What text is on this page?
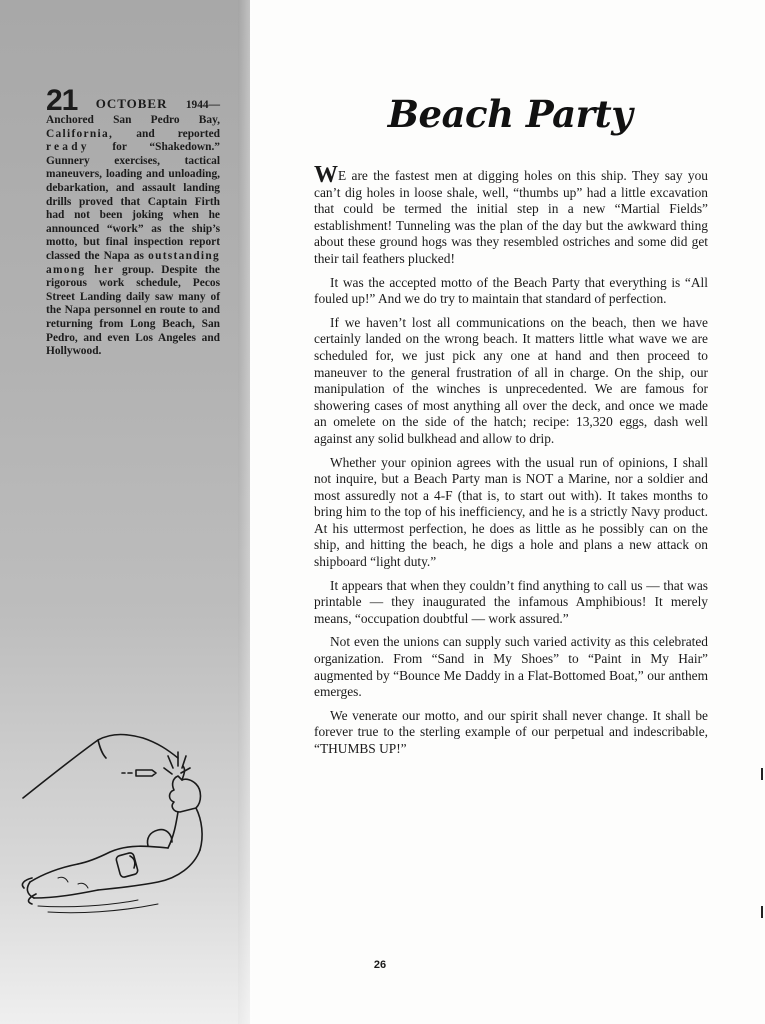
21 OCTOBER 1944— Anchored San Pedro Bay, California, and reported ready for “Shakedown.” Gunnery exercises, tactical maneuvers, loading and unloading, debarkation, and assault landing drills proved that Captain Firth had not been joking when he announced “work” as the ship’s motto, but final inspection report classed the Napa as outstanding among her group. Despite the rigorous work schedule, Pecos Street Landing daily saw many of the Napa personnel en route to and returning from Long Beach, San Pedro, and even Los Angeles and Hollywood.
Beach Party

WE are the fastest men at digging holes on this ship. They say you can’t dig holes in loose shale, well, “thumbs up” had a little excavation that could be termed the initial step in a new “Martial Fields” establishment! Tunneling was the plan of the day but the awkward thing about these ground hogs was they resembled ostriches and some did get their tail feathers plucked!

It was the accepted motto of the Beach Party that everything is “All fouled up!” And we do try to maintain that standard of perfection.

If we haven’t lost all communications on the beach, then we have certainly landed on the wrong beach. It matters little what wave we are scheduled for, we just pick any one at hand and then proceed to maneuver to the general frustration of all in charge. On the ship, our manipulation of the winches is unprecedented. We are famous for showering cases of most anything all over the deck, and once we made an omelete on the side of the hatch; recipe: 13,320 eggs, dash well against any solid bulkhead and allow to drip.

Whether your opinion agrees with the usual run of opinions, I shall not inquire, but a Beach Party man is NOT a Marine, nor a soldier and most assuredly not a 4-F (that is, to start out with). It takes months to bring him to the top of his inefficiency, and he is a strictly Navy product. At his uttermost perfection, he does as little as he possibly can on the ship, and hitting the beach, he digs a hole and plans a new attack on shipboard “light duty.”

It appears that when they couldn’t find anything to call us — that was printable — they inaugurated the infamous Amphibious! It merely means, “occupation doubtful — work assured.”

Not even the unions can supply such varied activity as this celebrated organization. From “Sand in My Shoes” to “Paint in My Hair” augmented by “Bounce Me Daddy in a Flat-Bottomed Boat,” our anthem emerges.

We venerate our motto, and our spirit shall never change. It shall be forever true to the sterling example of our perpetual and indescribable, “THUMBS UP!”

26
